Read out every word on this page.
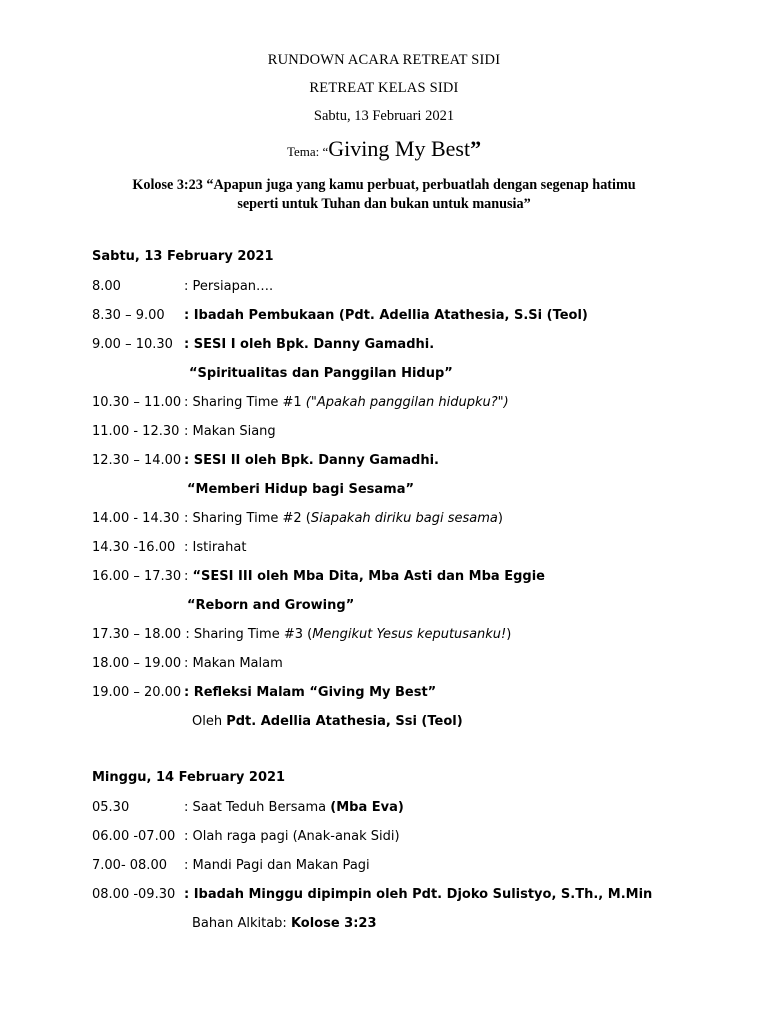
RUNDOWN ACARA RETREAT SIDI
RETREAT KELAS SIDI
Sabtu, 13 Februari 2021
Tema: “Giving My Best”
Kolose 3:23 “Apapun juga yang kamu perbuat, perbuatlah dengan segenap hatimu
seperti untuk Tuhan dan bukan untuk manusia”
Sabtu, 13 February 2021
8.00	: Persiapan….
8.30 – 9.00 : Ibadah Pembukaan (Pdt. Adellia Atathesia, S.Si (Teol)
9.00 – 10.30 : SESI I oleh Bpk. Danny Gamadhi.
“Spiritualitas dan Panggilan Hidup”
10.30 – 11.00 : Sharing Time #1 ("Apakah panggilan hidupku?")
11.00 - 12.30 : Makan Siang
12.30 – 14.00 : SESI II oleh Bpk. Danny Gamadhi.
“Memberi Hidup bagi Sesama”
14.00 - 14.30 : Sharing Time #2 (Siapakah diriku bagi sesama)
14.30 -16.00 : Istirahat
16.00 – 17.30 : “SESI III oleh Mba Dita, Mba Asti dan Mba Eggie
“Reborn and Growing”
17.30 – 18.00 : Sharing Time #3 (Mengikut Yesus keputusanku!)
18.00 – 19.00 : Makan Malam
19.00 – 20.00 : Refleksi Malam “Giving My Best”
Oleh Pdt. Adellia Atathesia, Ssi (Teol)
Minggu, 14 February 2021
05.30	: Saat Teduh Bersama (Mba Eva)
06.00 -07.00 : Olah raga pagi (Anak-anak Sidi)
7.00- 08.00 : Mandi Pagi dan Makan Pagi
08.00 -09.30 : Ibadah Minggu dipimpin oleh Pdt. Djoko Sulistyo, S.Th., M.Min
Bahan Alkitab: Kolose 3:23
